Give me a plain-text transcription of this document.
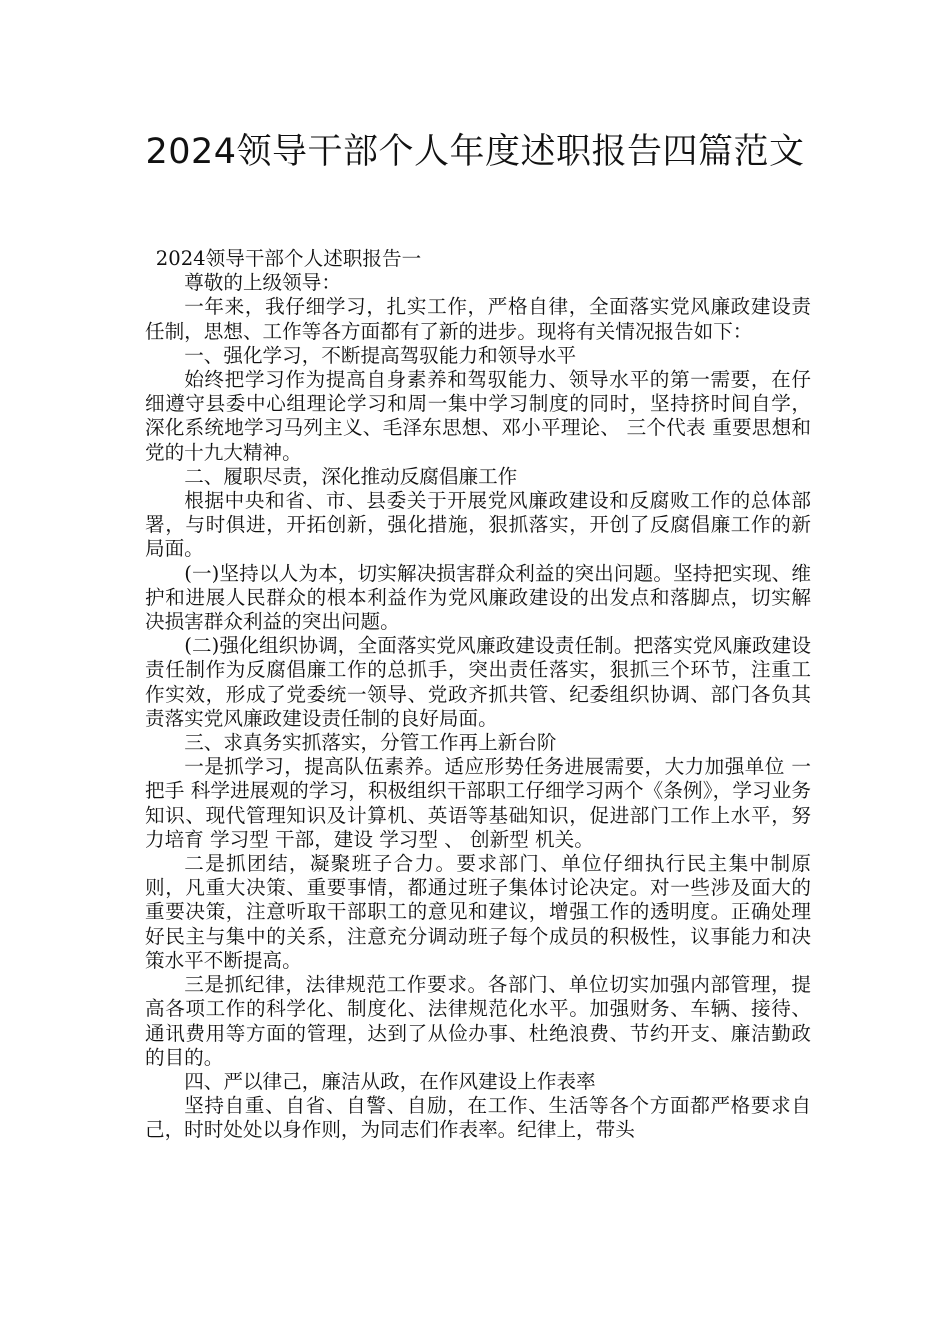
2024领导干部个人年度述职报告四篇范文

2024领导干部个人述职报告一

尊敬的上级领导：

一年来，我仔细学习，扎实工作，严格自律，全面落实党风廉政建设责任制，思想、工作等各方面都有了新的进步。现将有关情况报告如下：

一、强化学习，不断提高驾驭能力和领导水平

始终把学习作为提高自身素养和驾驭能力、领导水平的第一需要，在仔细遵守县委中心组理论学习和周一集中学习制度的同时，坚持挤时间自学，深化系统地学习马列主义、毛泽东思想、邓小平理论、 三个代表 重要思想和党的十九大精神。

二、履职尽责，深化推动反腐倡廉工作

根据中央和省、市、县委关于开展党风廉政建设和反腐败工作的总体部署，与时俱进，开拓创新，强化措施，狠抓落实，开创了反腐倡廉工作的新局面。

(一)坚持以人为本，切实解决损害群众利益的突出问题。坚持把实现、维护和进展人民群众的根本利益作为党风廉政建设的出发点和落脚点，切实解决损害群众利益的突出问题。

(二)强化组织协调，全面落实党风廉政建设责任制。把落实党风廉政建设责任制作为反腐倡廉工作的总抓手，突出责任落实，狠抓三个环节，注重工作实效，形成了党委统一领导、党政齐抓共管、纪委组织协调、部门各负其责落实党风廉政建设责任制的良好局面。

三、求真务实抓落实，分管工作再上新台阶

一是抓学习，提高队伍素养。适应形势任务进展需要，大力加强单位 一把手 科学进展观的学习，积极组织干部职工仔细学习两个《条例》，学习业务知识、现代管理知识及计算机、英语等基础知识，促进部门工作上水平，努力培育 学习型 干部，建设 学习型 、 创新型 机关。

二是抓团结，凝聚班子合力。要求部门、单位仔细执行民主集中制原则，凡重大决策、重要事情，都通过班子集体讨论决定。对一些涉及面大的重要决策，注意听取干部职工的意见和建议，增强工作的透明度。正确处理好民主与集中的关系，注意充分调动班子每个成员的积极性，议事能力和决策水平不断提高。

三是抓纪律，法律规范工作要求。各部门、单位切实加强内部管理，提高各项工作的科学化、制度化、法律规范化水平。加强财务、车辆、接待、通讯费用等方面的管理，达到了从俭办事、杜绝浪费、节约开支、廉洁勤政的目的。

四、严以律己，廉洁从政，在作风建设上作表率

坚持自重、自省、自警、自励，在工作、生活等各个方面都严格要求自己，时时处处以身作则，为同志们作表率。纪律上，带头
